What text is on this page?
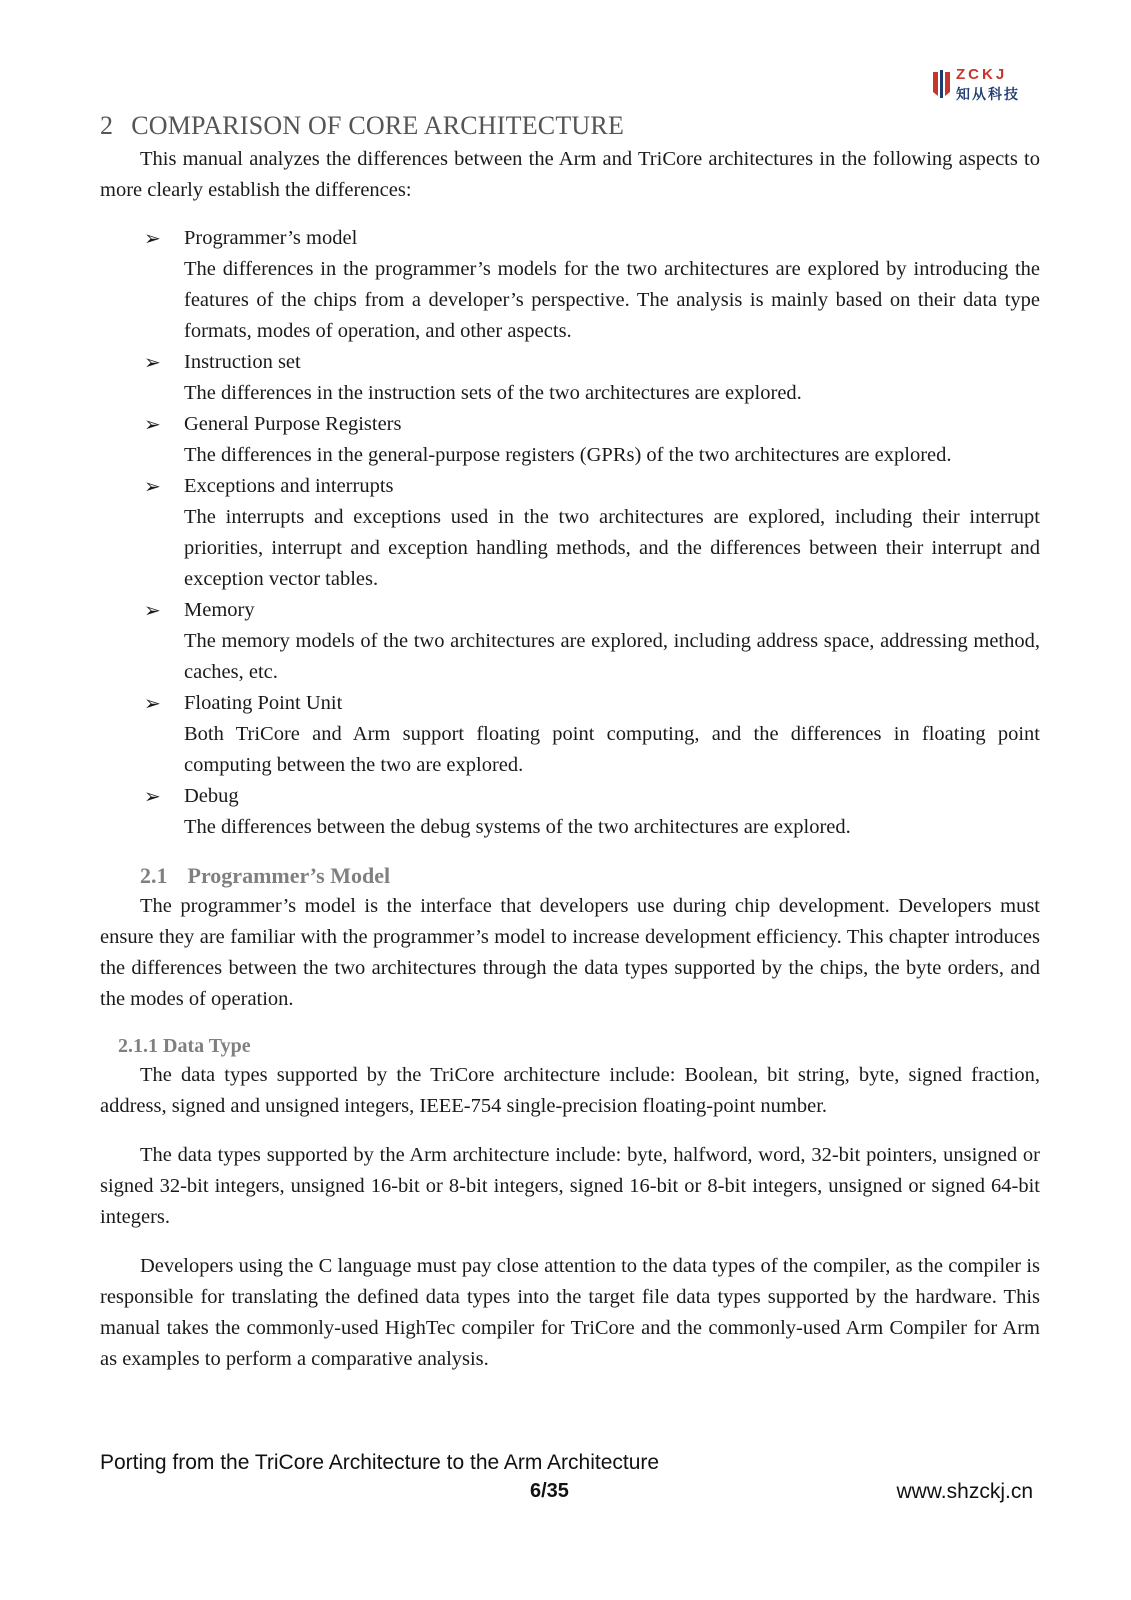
ZCKJ
知从科技
2 COMPARISON OF CORE ARCHITECTURE

This manual analyzes the differences between the Arm and TriCore architectures in the following aspects to more clearly establish the differences:

➢ Programmer’s model
The differences in the programmer’s models for the two architectures are explored by introducing the features of the chips from a developer’s perspective. The analysis is mainly based on their data type formats, modes of operation, and other aspects.
➢ Instruction set
The differences in the instruction sets of the two architectures are explored.
➢ General Purpose Registers
The differences in the general-purpose registers (GPRs) of the two architectures are explored.
➢ Exceptions and interrupts
The interrupts and exceptions used in the two architectures are explored, including their interrupt priorities, interrupt and exception handling methods, and the differences between their interrupt and exception vector tables.
➢ Memory
The memory models of the two architectures are explored, including address space, addressing method, caches, etc.
➢ Floating Point Unit
Both TriCore and Arm support floating point computing, and the differences in floating point computing between the two are explored.
➢ Debug
The differences between the debug systems of the two architectures are explored.
2.1 Programmer’s Model

The programmer’s model is the interface that developers use during chip development. Developers must ensure they are familiar with the programmer’s model to increase development efficiency. This chapter introduces the differences between the two architectures through the data types supported by the chips, the byte orders, and the modes of operation.

2.1.1 Data Type

The data types supported by the TriCore architecture include: Boolean, bit string, byte, signed fraction, address, signed and unsigned integers, IEEE-754 single-precision floating-point number.

The data types supported by the Arm architecture include: byte, halfword, word, 32-bit pointers, unsigned or signed 32-bit integers, unsigned 16-bit or 8-bit integers, signed 16-bit or 8-bit integers, unsigned or signed 64-bit integers.

Developers using the C language must pay close attention to the data types of the compiler, as the compiler is responsible for translating the defined data types into the target file data types supported by the hardware. This manual takes the commonly-used HighTec compiler for TriCore and the commonly-used Arm Compiler for Arm as examples to perform a comparative analysis.

Porting from the TriCore Architecture to the Arm Architecture
6/35	www.shzckj.cn
